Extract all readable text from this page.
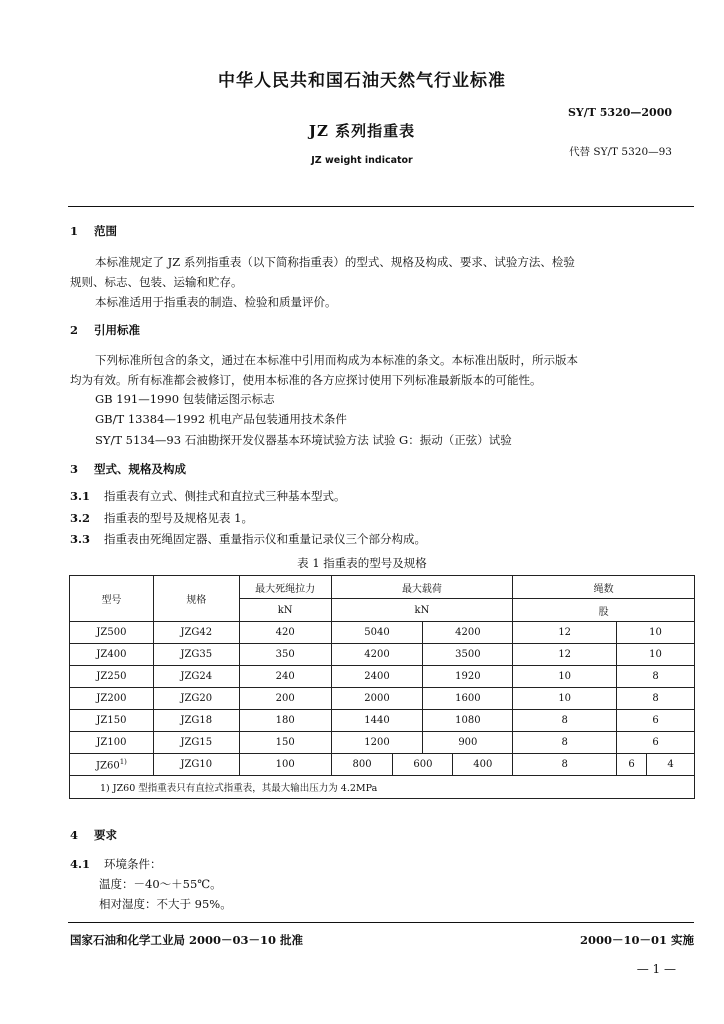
中华人民共和国石油天然气行业标准
SY/T 5320—2000
JZ 系列指重表
代替 SY/T 5320—93
JZ weight indicator
1 范围
本标准规定了 JZ 系列指重表（以下简称指重表）的型式、规格及构成、要求、试验方法、检验
规则、标志、包装、运输和贮存。
本标准适用于指重表的制造、检验和质量评价。
2 引用标准
下列标准所包含的条文，通过在本标准中引用而构成为本标准的条文。本标准出版时，所示版本
均为有效。所有标准都会被修订，使用本标准的各方应探讨使用下列标准最新版本的可能性。
GB 191—1990 包装储运图示标志
GB/T 13384—1992 机电产品包装通用技术条件
SY/T 5134—93 石油勘探开发仪器基本环境试验方法 试验 G：振动（正弦）试验
3 型式、规格及构成
3.1 指重表有立式、侧挂式和直拉式三种基本型式。
3.2 指重表的型号及规格见表 1。
3.3 指重表由死绳固定器、重量指示仪和重量记录仪三个部分构成。
表 1 指重表的型号及规格
型号	规格	最大死绳拉力	最大载荷				绳数		
		kN	kN				股		
JZ500	JZG42	420	5040		4200		12	10	
JZ400	JZG35	350	4200		3500		12	10	
JZ250	JZG24	240	2400		1920		10	8	
JZ200	JZG20	200	2000		1600		10	8	
JZ150	JZG18	180	1440		1080		8	6	
JZ100	JZG15	150	1200		900		8	6	
JZ60$^{1)}$	JZG10	100	800	600		400	8	6	4
1) JZ60 型指重表只有直拉式指重表，其最大输出压力为 4.2MPa									
4 要求
4.1 环境条件：
温度：－40～＋55℃。
相对湿度：不大于 95%。
国家石油和化学工业局 2000－03－10 批准	2000－10－01 实施
— 1 —
